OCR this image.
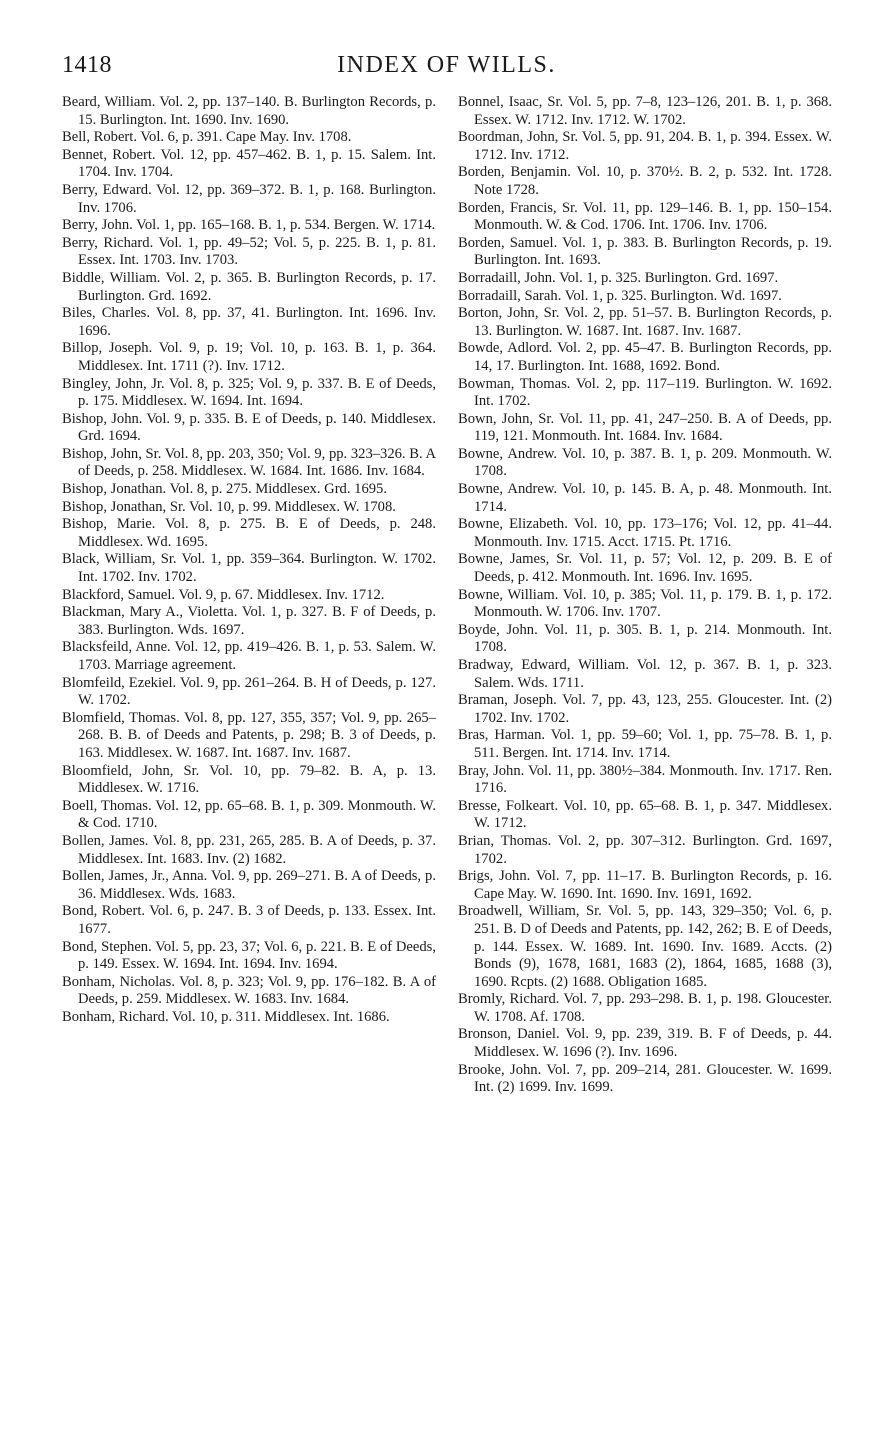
1418	INDEX OF WILLS.
Beard, William. Vol. 2, pp. 137–140. B. Burlington Records, p. 15. Burlington. Int. 1690. Inv. 1690.
Bell, Robert. Vol. 6, p. 391. Cape May. Inv. 1708.
Bennet, Robert. Vol. 12, pp. 457–462. B. 1, p. 15. Salem. Int. 1704. Inv. 1704.
Berry, Edward. Vol. 12, pp. 369–372. B. 1, p. 168. Burlington. Inv. 1706.
Berry, John. Vol. 1, pp. 165–168. B. 1, p. 534. Bergen. W. 1714.
Berry, Richard. Vol. 1, pp. 49–52; Vol. 5, p. 225. B. 1, p. 81. Essex. Int. 1703. Inv. 1703.
Biddle, William. Vol. 2, p. 365. B. Burlington Records, p. 17. Burlington. Grd. 1692.
Biles, Charles. Vol. 8, pp. 37, 41. Burlington. Int. 1696. Inv. 1696.
Billop, Joseph. Vol. 9, p. 19; Vol. 10, p. 163. B. 1, p. 364. Middlesex. Int. 1711 (?). Inv. 1712.
Bingley, John, Jr. Vol. 8, p. 325; Vol. 9, p. 337. B. E of Deeds, p. 175. Middlesex. W. 1694. Int. 1694.
Bishop, John. Vol. 9, p. 335. B. E of Deeds, p. 140. Middlesex. Grd. 1694.
Bishop, John, Sr. Vol. 8, pp. 203, 350; Vol. 9, pp. 323–326. B. A of Deeds, p. 258. Middlesex. W. 1684. Int. 1686. Inv. 1684.
Bishop, Jonathan. Vol. 8, p. 275. Middlesex. Grd. 1695.
Bishop, Jonathan, Sr. Vol. 10, p. 99. Middlesex. W. 1708.
Bishop, Marie. Vol. 8, p. 275. B. E of Deeds, p. 248. Middlesex. Wd. 1695.
Black, William, Sr. Vol. 1, pp. 359–364. Burlington. W. 1702. Int. 1702. Inv. 1702.
Blackford, Samuel. Vol. 9, p. 67. Middlesex. Inv. 1712.
Blackman, Mary A., Violetta. Vol. 1, p. 327. B. F of Deeds, p. 383. Burlington. Wds. 1697.
Blacksfeild, Anne. Vol. 12, pp. 419–426. B. 1, p. 53. Salem. W. 1703. Marriage agreement.
Blomfeild, Ezekiel. Vol. 9, pp. 261–264. B. H of Deeds, p. 127. W. 1702.
Blomfield, Thomas. Vol. 8, pp. 127, 355, 357; Vol. 9, pp. 265–268. B. B. of Deeds and Patents, p. 298; B. 3 of Deeds, p. 163. Middlesex. W. 1687. Int. 1687. Inv. 1687.
Bloomfield, John, Sr. Vol. 10, pp. 79–82. B. A, p. 13. Middlesex. W. 1716.
Boell, Thomas. Vol. 12, pp. 65–68. B. 1, p. 309. Monmouth. W. & Cod. 1710.
Bollen, James. Vol. 8, pp. 231, 265, 285. B. A of Deeds, p. 37. Middlesex. Int. 1683. Inv. (2) 1682.
Bollen, James, Jr., Anna. Vol. 9, pp. 269–271. B. A of Deeds, p. 36. Middlesex. Wds. 1683.
Bond, Robert. Vol. 6, p. 247. B. 3 of Deeds, p. 133. Essex. Int. 1677.
Bond, Stephen. Vol. 5, pp. 23, 37; Vol. 6, p. 221. B. E of Deeds, p. 149. Essex. W. 1694. Int. 1694. Inv. 1694.
Bonham, Nicholas. Vol. 8, p. 323; Vol. 9, pp. 176–182. B. A of Deeds, p. 259. Middlesex. W. 1683. Inv. 1684.
Bonham, Richard. Vol. 10, p. 311. Middlesex. Int. 1686.
Bonnel, Isaac, Sr. Vol. 5, pp. 7–8, 123–126, 201. B. 1, p. 368. Essex. W. 1712. Inv. 1712. W. 1702.
Boordman, John, Sr. Vol. 5, pp. 91, 204. B. 1, p. 394. Essex. W. 1712. Inv. 1712.
Borden, Benjamin. Vol. 10, p. 370½. B. 2, p. 532. Int. 1728. Note 1728.
Borden, Francis, Sr. Vol. 11, pp. 129–146. B. 1, pp. 150–154. Monmouth. W. & Cod. 1706. Int. 1706. Inv. 1706.
Borden, Samuel. Vol. 1, p. 383. B. Burlington Records, p. 19. Burlington. Int. 1693.
Borradaill, John. Vol. 1, p. 325. Burlington. Grd. 1697.
Borradaill, Sarah. Vol. 1, p. 325. Burlington. Wd. 1697.
Borton, John, Sr. Vol. 2, pp. 51–57. B. Burlington Records, p. 13. Burlington. W. 1687. Int. 1687. Inv. 1687.
Bowde, Adlord. Vol. 2, pp. 45–47. B. Burlington Records, pp. 14, 17. Burlington. Int. 1688, 1692. Bond.
Bowman, Thomas. Vol. 2, pp. 117–119. Burlington. W. 1692. Int. 1702.
Bown, John, Sr. Vol. 11, pp. 41, 247–250. B. A of Deeds, pp. 119, 121. Monmouth. Int. 1684. Inv. 1684.
Bowne, Andrew. Vol. 10, p. 387. B. 1, p. 209. Monmouth. W. 1708.
Bowne, Andrew. Vol. 10, p. 145. B. A, p. 48. Monmouth. Int. 1714.
Bowne, Elizabeth. Vol. 10, pp. 173–176; Vol. 12, pp. 41–44. Monmouth. Inv. 1715. Acct. 1715. Pt. 1716.
Bowne, James, Sr. Vol. 11, p. 57; Vol. 12, p. 209. B. E of Deeds, p. 412. Monmouth. Int. 1696. Inv. 1695.
Bowne, William. Vol. 10, p. 385; Vol. 11, p. 179. B. 1, p. 172. Monmouth. W. 1706. Inv. 1707.
Boyde, John. Vol. 11, p. 305. B. 1, p. 214. Monmouth. Int. 1708.
Bradway, Edward, William. Vol. 12, p. 367. B. 1, p. 323. Salem. Wds. 1711.
Braman, Joseph. Vol. 7, pp. 43, 123, 255. Gloucester. Int. (2) 1702. Inv. 1702.
Bras, Harman. Vol. 1, pp. 59–60; Vol. 1, pp. 75–78. B. 1, p. 511. Bergen. Int. 1714. Inv. 1714.
Bray, John. Vol. 11, pp. 380½–384. Monmouth. Inv. 1717. Ren. 1716.
Bresse, Folkeart. Vol. 10, pp. 65–68. B. 1, p. 347. Middlesex. W. 1712.
Brian, Thomas. Vol. 2, pp. 307–312. Burlington. Grd. 1697, 1702.
Brigs, John. Vol. 7, pp. 11–17. B. Burlington Records, p. 16. Cape May. W. 1690. Int. 1690. Inv. 1691, 1692.
Broadwell, William, Sr. Vol. 5, pp. 143, 329–350; Vol. 6, p. 251. B. D of Deeds and Patents, pp. 142, 262; B. E of Deeds, p. 144. Essex. W. 1689. Int. 1690. Inv. 1689. Accts. (2) Bonds (9), 1678, 1681, 1683 (2), 1864, 1685, 1688 (3), 1690. Rcpts. (2) 1688. Obligation 1685.
Bromly, Richard. Vol. 7, pp. 293–298. B. 1, p. 198. Gloucester. W. 1708. Af. 1708.
Bronson, Daniel. Vol. 9, pp. 239, 319. B. F of Deeds, p. 44. Middlesex. W. 1696 (?). Inv. 1696.
Brooke, John. Vol. 7, pp. 209–214, 281. Gloucester. W. 1699. Int. (2) 1699. Inv. 1699.
